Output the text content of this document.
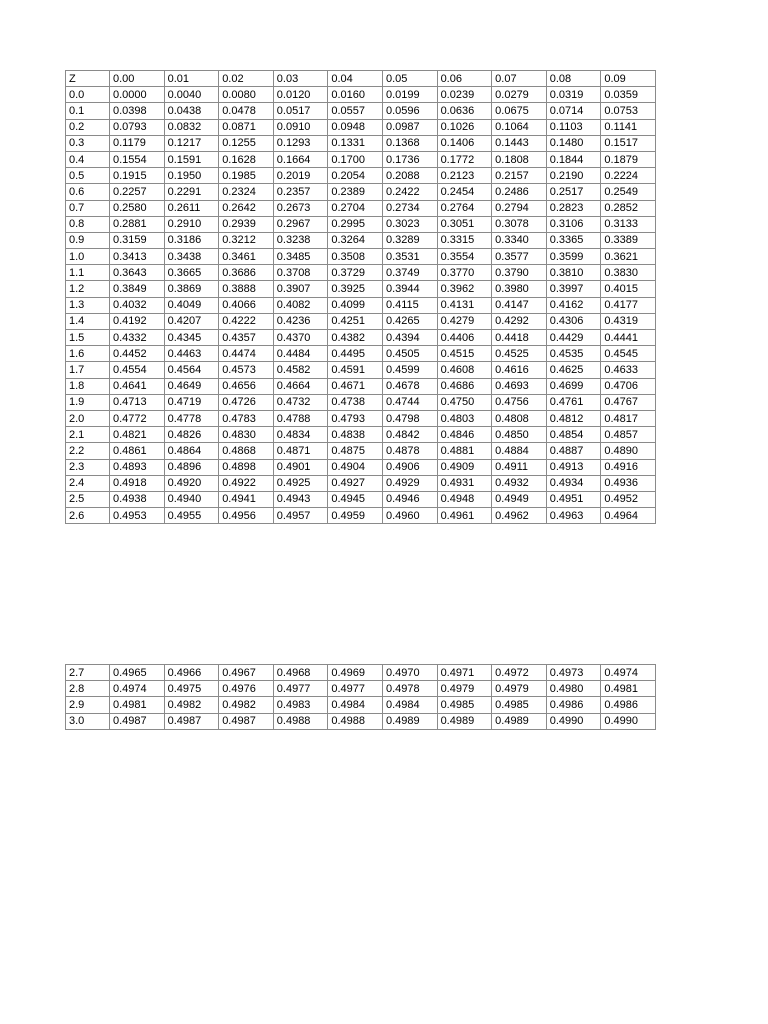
Z	0.00	0.01	0.02	0.03	0.04	0.05	0.06	0.07	0.08	0.09
0.0	0.0000	0.0040	0.0080	0.0120	0.0160	0.0199	0.0239	0.0279	0.0319	0.0359
0.1	0.0398	0.0438	0.0478	0.0517	0.0557	0.0596	0.0636	0.0675	0.0714	0.0753
0.2	0.0793	0.0832	0.0871	0.0910	0.0948	0.0987	0.1026	0.1064	0.1103	0.1141
0.3	0.1179	0.1217	0.1255	0.1293	0.1331	0.1368	0.1406	0.1443	0.1480	0.1517
0.4	0.1554	0.1591	0.1628	0.1664	0.1700	0.1736	0.1772	0.1808	0.1844	0.1879
0.5	0.1915	0.1950	0.1985	0.2019	0.2054	0.2088	0.2123	0.2157	0.2190	0.2224
0.6	0.2257	0.2291	0.2324	0.2357	0.2389	0.2422	0.2454	0.2486	0.2517	0.2549
0.7	0.2580	0.2611	0.2642	0.2673	0.2704	0.2734	0.2764	0.2794	0.2823	0.2852
0.8	0.2881	0.2910	0.2939	0.2967	0.2995	0.3023	0.3051	0.3078	0.3106	0.3133
0.9	0.3159	0.3186	0.3212	0.3238	0.3264	0.3289	0.3315	0.3340	0.3365	0.3389
1.0	0.3413	0.3438	0.3461	0.3485	0.3508	0.3531	0.3554	0.3577	0.3599	0.3621
1.1	0.3643	0.3665	0.3686	0.3708	0.3729	0.3749	0.3770	0.3790	0.3810	0.3830
1.2	0.3849	0.3869	0.3888	0.3907	0.3925	0.3944	0.3962	0.3980	0.3997	0.4015
1.3	0.4032	0.4049	0.4066	0.4082	0.4099	0.4115	0.4131	0.4147	0.4162	0.4177
1.4	0.4192	0.4207	0.4222	0.4236	0.4251	0.4265	0.4279	0.4292	0.4306	0.4319
1.5	0.4332	0.4345	0.4357	0.4370	0.4382	0.4394	0.4406	0.4418	0.4429	0.4441
1.6	0.4452	0.4463	0.4474	0.4484	0.4495	0.4505	0.4515	0.4525	0.4535	0.4545
1.7	0.4554	0.4564	0.4573	0.4582	0.4591	0.4599	0.4608	0.4616	0.4625	0.4633
1.8	0.4641	0.4649	0.4656	0.4664	0.4671	0.4678	0.4686	0.4693	0.4699	0.4706
1.9	0.4713	0.4719	0.4726	0.4732	0.4738	0.4744	0.4750	0.4756	0.4761	0.4767
2.0	0.4772	0.4778	0.4783	0.4788	0.4793	0.4798	0.4803	0.4808	0.4812	0.4817
2.1	0.4821	0.4826	0.4830	0.4834	0.4838	0.4842	0.4846	0.4850	0.4854	0.4857
2.2	0.4861	0.4864	0.4868	0.4871	0.4875	0.4878	0.4881	0.4884	0.4887	0.4890
2.3	0.4893	0.4896	0.4898	0.4901	0.4904	0.4906	0.4909	0.4911	0.4913	0.4916
2.4	0.4918	0.4920	0.4922	0.4925	0.4927	0.4929	0.4931	0.4932	0.4934	0.4936
2.5	0.4938	0.4940	0.4941	0.4943	0.4945	0.4946	0.4948	0.4949	0.4951	0.4952
2.6	0.4953	0.4955	0.4956	0.4957	0.4959	0.4960	0.4961	0.4962	0.4963	0.4964
2.7	0.4965	0.4966	0.4967	0.4968	0.4969	0.4970	0.4971	0.4972	0.4973	0.4974
2.8	0.4974	0.4975	0.4976	0.4977	0.4977	0.4978	0.4979	0.4979	0.4980	0.4981
2.9	0.4981	0.4982	0.4982	0.4983	0.4984	0.4984	0.4985	0.4985	0.4986	0.4986
3.0	0.4987	0.4987	0.4987	0.4988	0.4988	0.4989	0.4989	0.4989	0.4990	0.4990
